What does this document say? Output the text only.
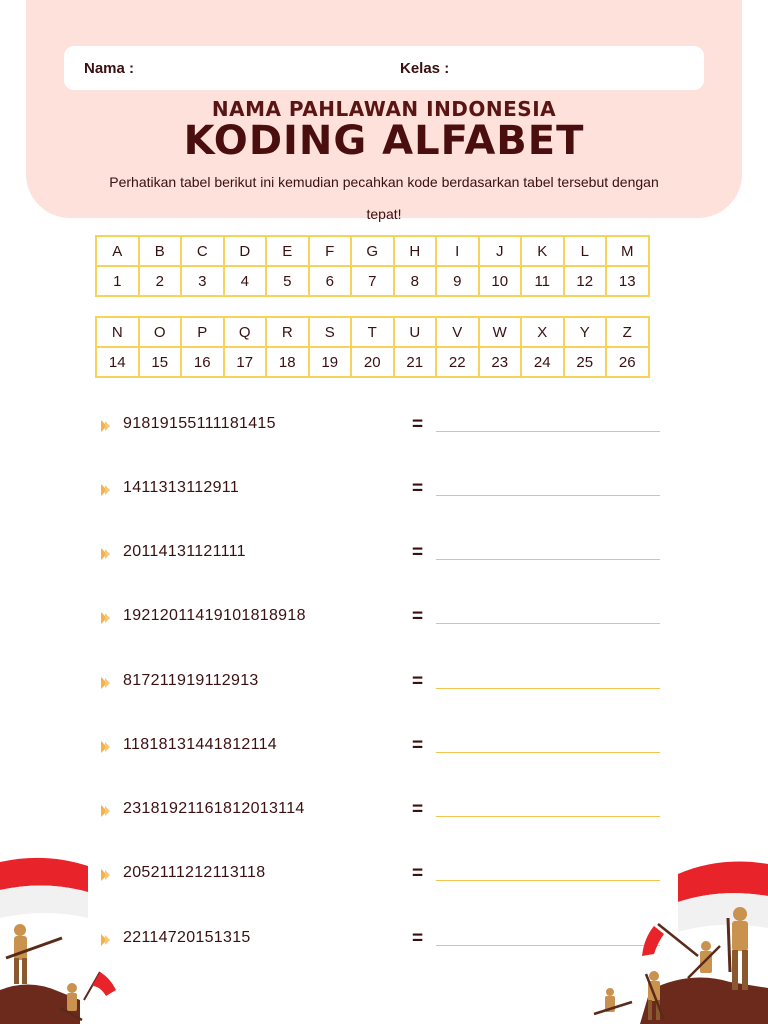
Nama :	Kelas :
NAMA PAHLAWAN INDONESIA
KODING ALFABET
Perhatikan tabel berikut ini kemudian pecahkan kode berdasarkan tabel tersebut dengan tepat!
A	B	C	D	E	F	G	H	I	J	K	L	M
1	2	3	4	5	6	7	8	9	10	11	12	13
N	O	P	Q	R	S	T	U	V	W	X	Y	Z
14	15	16	17	18	19	20	21	22	23	24	25	26
91819155111181415	=
1411313112911	=
20114131121111	=
19212011419101818918	=
817211919112913	=
11818131441812114	=
23181921161812013114	=
2052111212113118	=
22114720151315	=
